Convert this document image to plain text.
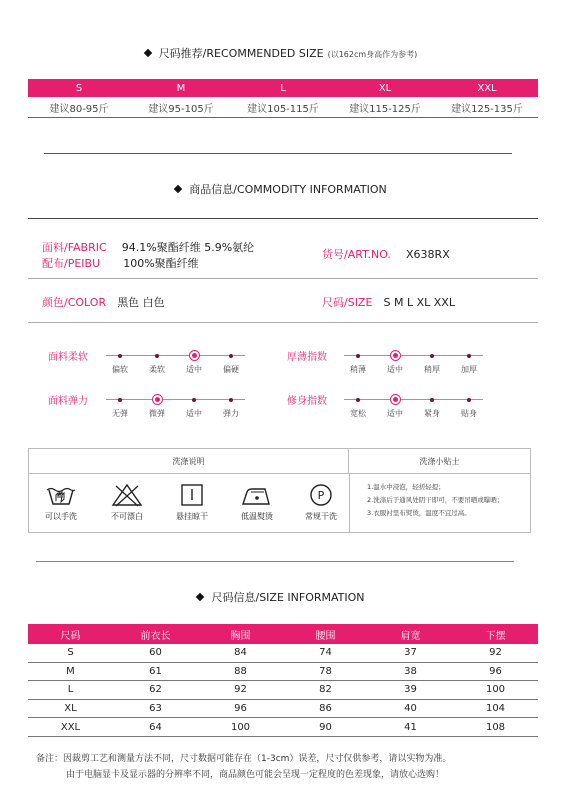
尺码推荐/RECOMMENDED SIZE (以162cm身高作为参考)
S	M	L	XL	XXL
建议80-95斤	建议95-105斤	建议105-115斤	建议115-125斤	建议125-135斤
商品信息/COMMODITY INFORMATION
面料/FABRIC 94.1%聚酯纤维 5.9%氨纶
配布/PEIBU 100%聚酯纤维
货号/ART.NO. X638RX
颜色/COLOR 黑色 白色	尺码/SIZE S M L XL XXL
面料柔软
偏软	柔软	适中	偏硬
厚薄指数
稍薄	适中	稍厚	加厚
面料弹力
无弹	微弹	适中	弹力
修身指数
宽松	适中	紧身	贴身
洗涤说明	洗涤小贴士
可以手洗	不可漂白	悬挂晾干	低温熨烫
P
常规干洗
1.温水中浸泡，轻搓轻提；
2.洗涤后于通风处阴干即可，不要吊晒或曝晒；
3.衣服衬里布熨烫，温度不宜过高。
尺码信息/SIZE INFORMATION
尺码	前衣长	胸围	腰围	肩宽	下摆
S	60	84	74	37	92
M	61	88	78	38	96
L	62	92	82	39	100
XL	63	96	86	40	104
XXL	64	100	90	41	108
备注：因裁剪工艺和测量方法不同，尺寸数据可能存在（1-3cm）误差，尺寸仅供参考，请以实物为准。
由于电脑显卡及显示器的分辨率不同，商品颜色可能会呈现一定程度的色差现象，请放心选购！
